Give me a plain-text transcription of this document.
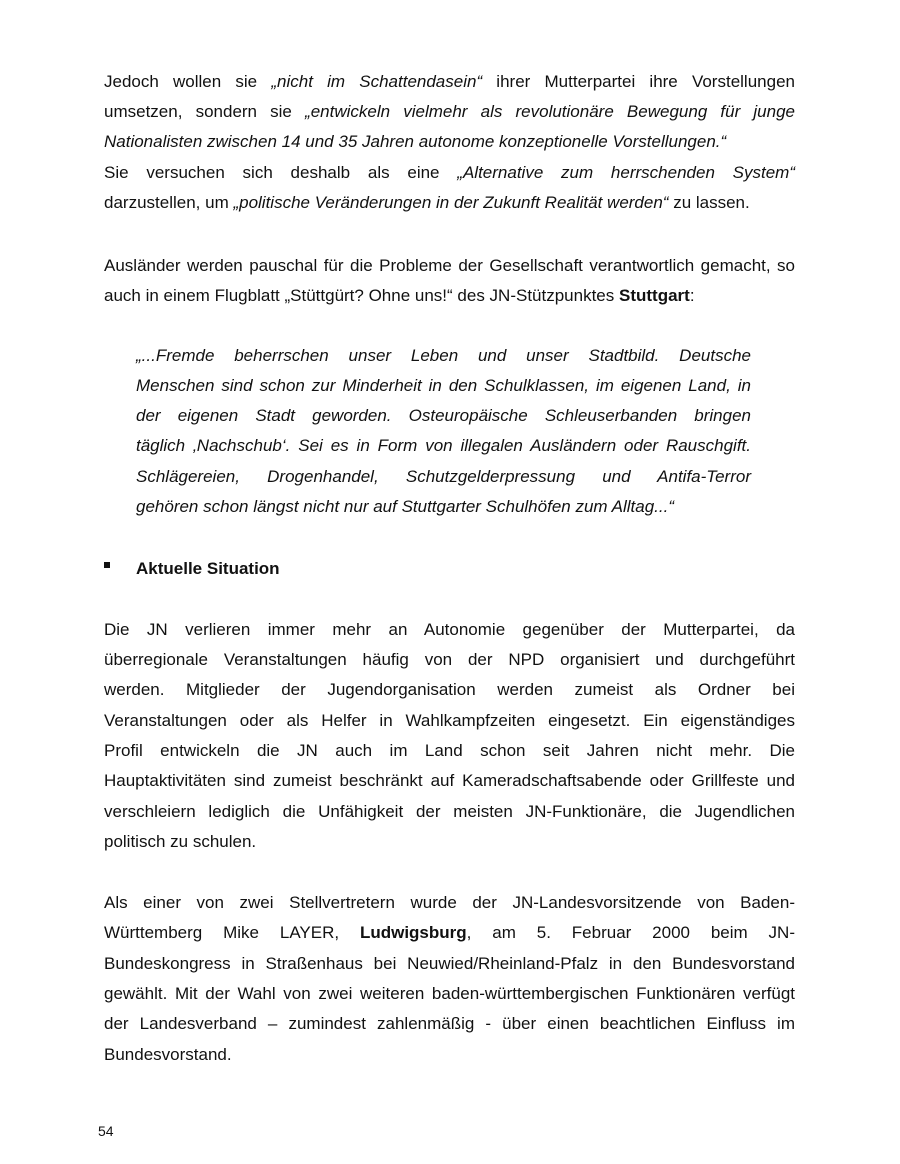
Jedoch wollen sie „nicht im Schattendasein“ ihrer Mutterpartei ihre Vorstellungen
umsetzen, sondern sie „entwickeln vielmehr als revolutionäre Bewegung für junge
Nationalisten zwischen 14 und 35 Jahren autonome konzeptionelle Vorstellungen.“
Sie versuchen sich deshalb als eine „Alternative zum herrschenden System“
darzustellen, um „politische Veränderungen in der Zukunft Realität werden“ zu lassen.
Ausländer werden pauschal für die Probleme der Gesellschaft verantwortlich gemacht, so
auch in einem Flugblatt „Stüttgürt? Ohne uns!“ des JN-Stützpunktes Stuttgart:
„...Fremde beherrschen unser Leben und unser Stadtbild. Deutsche
Menschen sind schon zur Minderheit in den Schulklassen, im eigenen Land, in
der eigenen Stadt geworden. Osteuropäische Schleuserbanden bringen
täglich ‚Nachschub‘. Sei es in Form von illegalen Ausländern oder Rauschgift.
Schlägereien, Drogenhandel, Schutzgelderpressung und Antifa-Terror
gehören schon längst nicht nur auf Stuttgarter Schulhöfen zum Alltag...“
Aktuelle Situation
Die JN verlieren immer mehr an Autonomie gegenüber der Mutterpartei, da
überregionale Veranstaltungen häufig von der NPD organisiert und durchgeführt
werden. Mitglieder der Jugendorganisation werden zumeist als Ordner bei
Veranstaltungen oder als Helfer in Wahlkampfzeiten eingesetzt. Ein eigenständiges
Profil entwickeln die JN auch im Land schon seit Jahren nicht mehr. Die
Hauptaktivitäten sind zumeist beschränkt auf Kameradschaftsabende oder Grillfeste und
verschleiern lediglich die Unfähigkeit der meisten JN-Funktionäre, die Jugendlichen
politisch zu schulen.
Als einer von zwei Stellvertretern wurde der JN-Landesvorsitzende von Baden-
Württemberg Mike LAYER, Ludwigsburg, am 5. Februar 2000 beim JN-
Bundeskongress in Straßenhaus bei Neuwied/Rheinland-Pfalz in den Bundesvorstand
gewählt. Mit der Wahl von zwei weiteren baden-württembergischen Funktionären verfügt
der Landesverband – zumindest zahlenmäßig - über einen beachtlichen Einfluss im
Bundesvorstand.
54
